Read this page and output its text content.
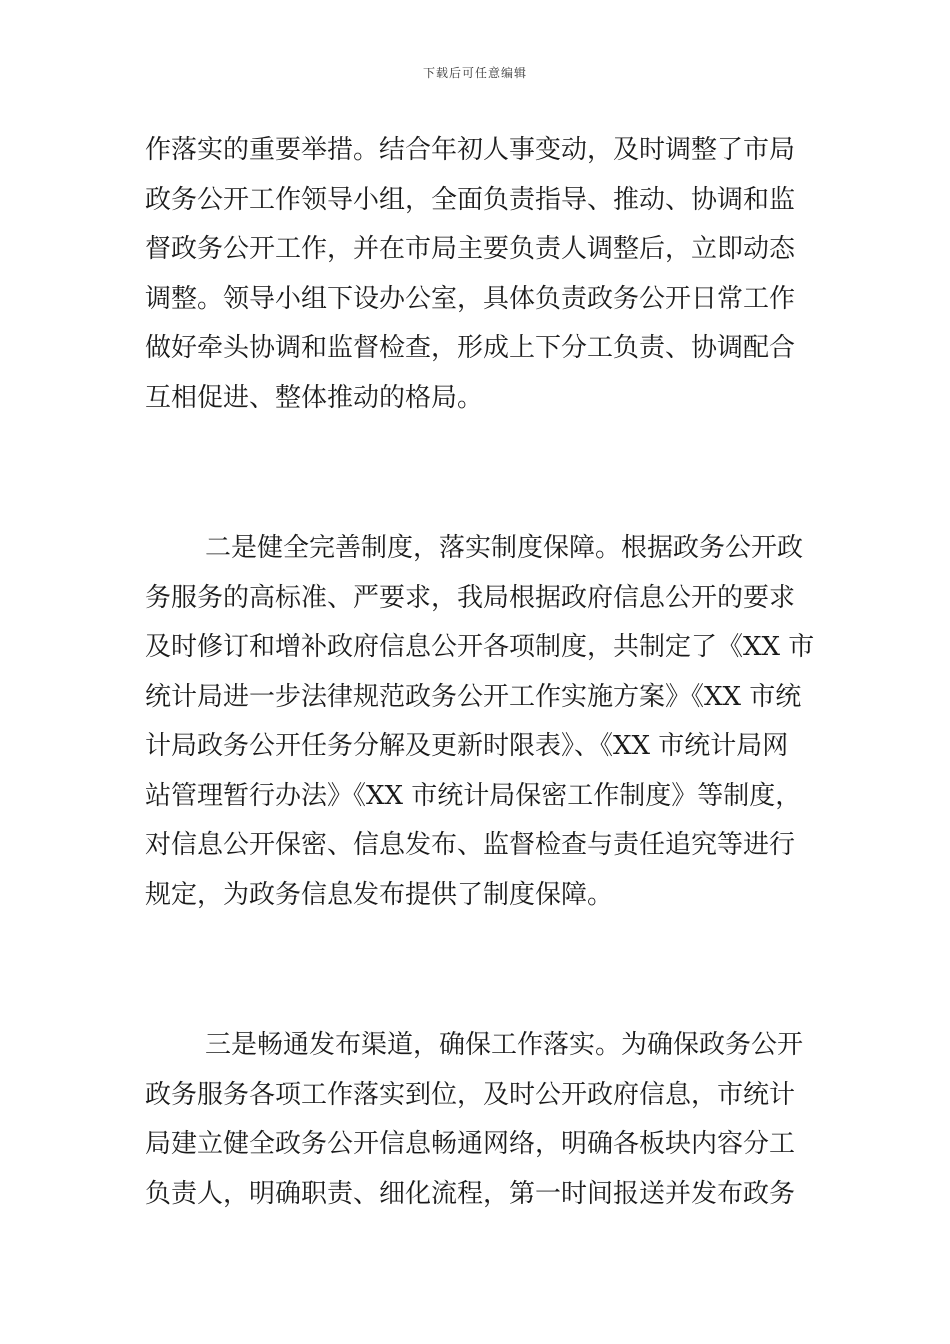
下载后可任意编辑
作落实的重要举措。结合年初人事变动，及时调整了市局
政务公开工作领导小组，全面负责指导、推动、协调和监
督政务公开工作，并在市局主要负责人调整后，立即动态
调整。领导小组下设办公室，具体负责政务公开日常工作
做好牵头协调和监督检查，形成上下分工负责、协调配合
互相促进、整体推动的格局。
二是健全完善制度，落实制度保障。根据政务公开政
务服务的高标准、严要求，我局根据政府信息公开的要求
及时修订和增补政府信息公开各项制度，共制定了《XX 市
统计局进一步法律规范政务公开工作实施方案》《XX 市统
计局政务公开任务分解及更新时限表》、《XX 市统计局网
站管理暂行办法》《XX 市统计局保密工作制度》等制度，
对信息公开保密、信息发布、监督检查与责任追究等进行
规定，为政务信息发布提供了制度保障。
三是畅通发布渠道，确保工作落实。为确保政务公开
政务服务各项工作落实到位，及时公开政府信息，市统计
局建立健全政务公开信息畅通网络，明确各板块内容分工
负责人，明确职责、细化流程，第一时间报送并发布政务
